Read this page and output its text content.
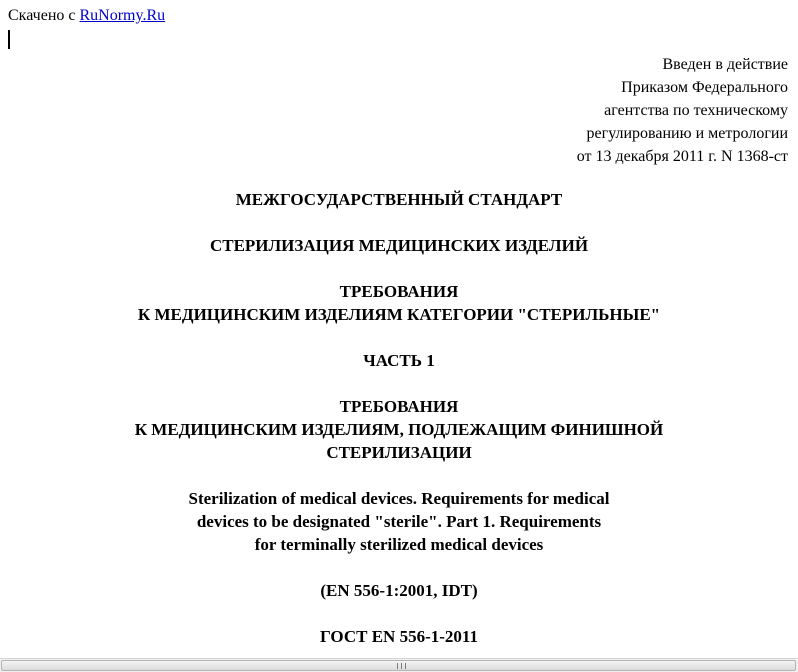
Скачено с RuNormy.Ru
Введен в действие
Приказом Федерального
агентства по техническому
регулированию и метрологии
от 13 декабря 2011 г. N 1368-ст
МЕЖГОСУДАРСТВЕННЫЙ СТАНДАРТ
СТЕРИЛИЗАЦИЯ МЕДИЦИНСКИХ ИЗДЕЛИЙ
ТРЕБОВАНИЯ
К МЕДИЦИНСКИМ ИЗДЕЛИЯМ КАТЕГОРИИ "СТЕРИЛЬНЫЕ"
ЧАСТЬ 1
ТРЕБОВАНИЯ
К МЕДИЦИНСКИМ ИЗДЕЛИЯМ, ПОДЛЕЖАЩИМ ФИНИШНОЙ
СТЕРИЛИЗАЦИИ
Sterilization of medical devices. Requirements for medical
devices to be designated "sterile". Part 1. Requirements
for terminally sterilized medical devices
(EN 556-1:2001, IDT)
ГОСТ EN 556-1-2011
